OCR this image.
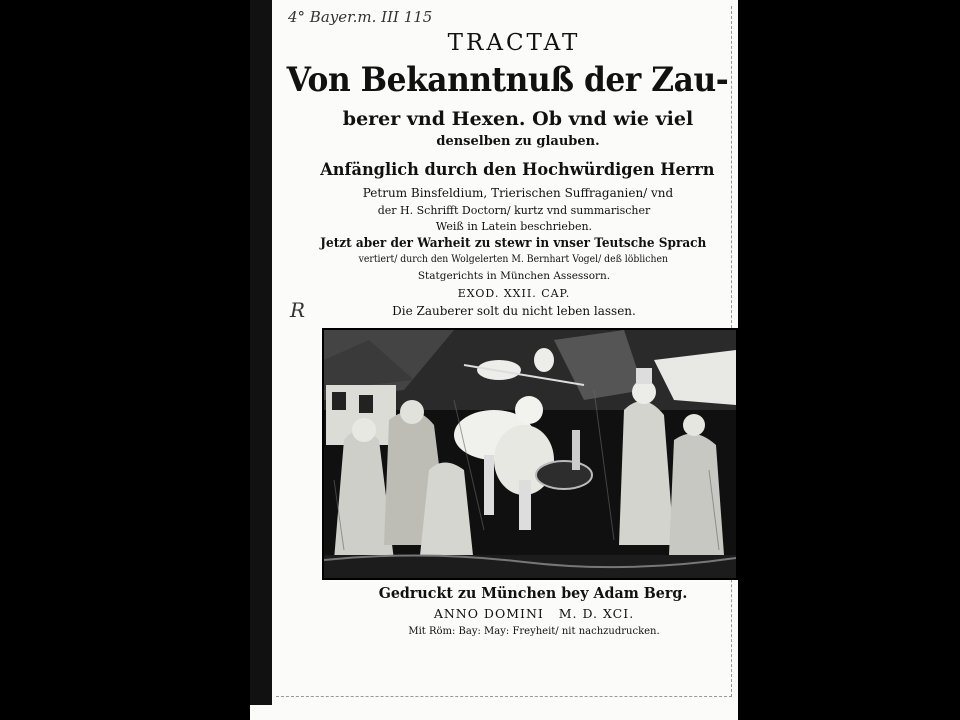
4° Bayer.m. III 115
R
TRACTAT
Von Bekanntnuß der Zau-
berer vnd Hexen. Ob vnd wie viel
denselben zu glauben.
Anfänglich durch den Hochwürdigen Herrn
Petrum Binsfeldium, Trierischen Suffraganien/ vnd
der H. Schrifft Doctorn/ kurtz vnd summarischer
Weiß in Latein beschrieben.
Jetzt aber der Warheit zu stewr in vnser Teutsche Sprach
vertiert/ durch den Wolgelerten M. Bernhart Vogel/ deß löblichen
Statgerichts in München Assessorn.
EXOD. XXII. CAP.
Die Zauberer solt du nicht leben lassen.
Gedruckt zu München bey Adam Berg.
ANNO DOMINI   M. D. XCI.
Mit Röm: Bay: May: Freyheit/ nit nachzudrucken.
